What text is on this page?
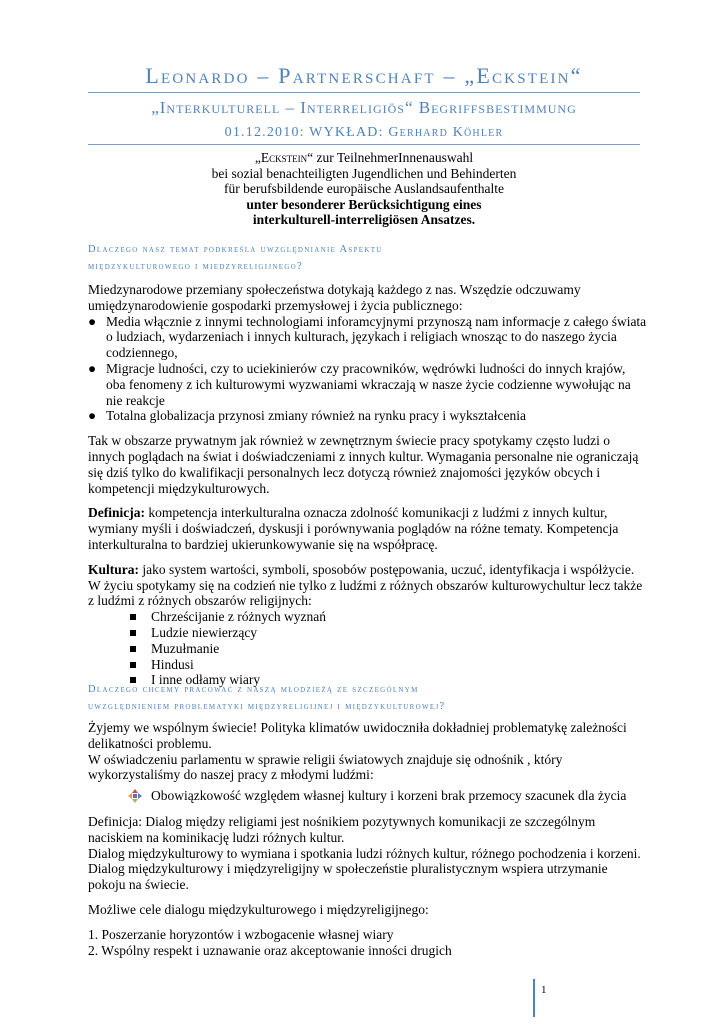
Leonardo – Partnerschaft – „Eckstein“
„Interkulturell – Interreligiös“ Begriffsbestimmung
01.12.2010: WYKŁAD: Gerhard Köhler
„Eckstein“ zur TeilnehmerInnenauswahl
bei sozial benachteiligten Jugendlichen und Behinderten
für berufsbildende europäische Auslandsaufenthalte
unter besonderer Berücksichtigung eines
interkulturell-interreligiösen Ansatzes.
Dlaczego nasz temat podkreśla uwzględnianie Aspektu
międzykulturowego i miedzyreligijnego?

Miedzynarodowe przemiany społeczeństwa dotykają każdego z nas. Wszędzie odczuwamy umiędzynarodowienie gospodarki przemysłowej i życia publicznego:

● Media włącznie z innymi technologiami inforamcyjnymi przynoszą nam informacje z całego świata o ludziach, wydarzeniach i innych kulturach, językach i religiach wnosząc to do naszego życia codziennego,
● Migracje ludności, czy to uciekinierów czy pracowników, wędrówki ludności do innych krajów, oba fenomeny z ich kulturowymi wyzwaniami wkraczają w nasze życie codzienne wywołując na nie reakcje
● Totalna globalizacja przynosi zmiany również na rynku pracy i wykształcenia

Tak w obszarze prywatnym jak również w zewnętrznym świecie pracy spotykamy często ludzi o innych poglądach na świat i doświadczeniami z innych kultur. Wymagania personalne nie ograniczają się dziś tylko do kwalifikacji personalnych lecz dotyczą również znajomości języków obcych i kompetencji międzykulturowych.

Definicja: kompetencja interkulturalna oznacza zdolność komunikacji z ludźmi z innych kultur, wymiany myśli i doświadczeń, dyskusji i porównywania poglądów na różne tematy. Kompetencja interkulturalna to bardziej ukierunkowywanie się na współpracę.

Kultura: jako system wartości, symboli, sposobów postępowania, uczuć, identyfikacja i współżycie. W życiu spotykamy się na codzień nie tylko z ludźmi z różnych obszarów kulturowychultur lecz także z ludźmi z różnych obszarów religijnych:

Chrześcijanie z różnych wyznań
Ludzie niewierzący
Muzułmanie
Hindusi
I inne odłamy wiary
Dlaczego chcemy pracować z naszą młodzieżą ze szczególnym
uwzględnieniem problematyki międzyreligijnej i międzykulturowej?

Żyjemy we wspólnym świecie! Polityka klimatów uwidoczniła dokładniej problematykę zależności delikatności problemu.

W oświadczeniu parlamentu w sprawie religii światowych znajduje się odnośnik , który wykorzystaliśmy do naszej pracy z młodymi ludźmi:

Obowiązkowość względem własnej kultury i korzeni brak przemocy szacunek dla życia

Definicja: Dialog między religiami jest nośnikiem pozytywnych komunikacji ze szczególnym naciskiem na kominikację ludzi różnych kultur.

Dialog międzykulturowy to wymiana i spotkania ludzi różnych kultur, różnego pochodzenia i korzeni.

Dialog międzykulturowy i międzyreligijny w społeczeństie pluralistycznym wspiera utrzymanie pokoju na świecie.

Możliwe cele dialogu międzykulturowego i międzyreligijnego:

1. Poszerzanie horyzontów i wzbogacenie własnej wiary
2. Wspólny respekt i uznawanie oraz akceptowanie inności drugich
1
